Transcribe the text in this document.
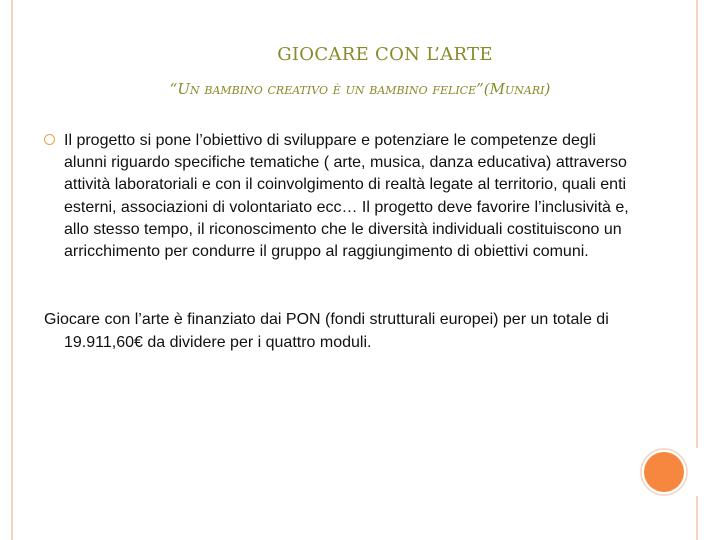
GIOCARE CON L’ARTE
“Un bambino creativo è un bambino felice”(Munari)
Il progetto si pone l’obiettivo di sviluppare e potenziare le competenze degli alunni riguardo specifiche tematiche ( arte, musica, danza educativa) attraverso attività laboratoriali e con il coinvolgimento di realtà legate al territorio, quali enti esterni, associazioni di volontariato ecc… Il progetto deve favorire l’inclusività e, allo stesso tempo, il riconoscimento che le diversità individuali costituiscono un arricchimento per condurre il gruppo al raggiungimento di obiettivi comuni.
Giocare con l’arte è finanziato dai PON (fondi strutturali europei) per un totale di 19.911,60€ da dividere per i quattro moduli.
